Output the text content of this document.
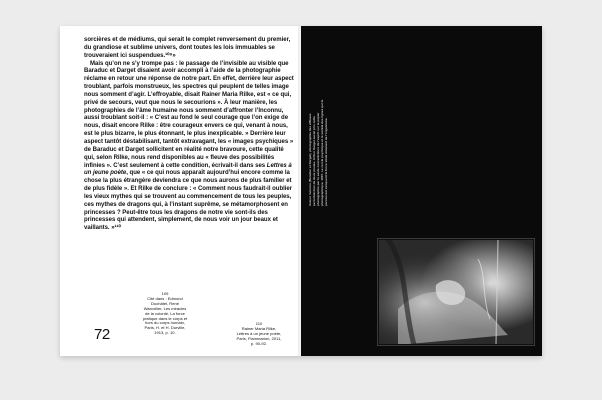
sorcières et de médiums, qui serait le complet renversement du premier, du grandiose et sublime univers, dont toutes les lois immuables se trouveraient ici suspendues.¹⁰⁹»

Mais qu’on ne s’y trompe pas : le passage de l’invisible au visible que Baraduc et Darget disaient avoir accompli à l’aide de la photographie réclame en retour une réponse de notre part. En effet, derrière leur aspect troublant, parfois monstrueux, les spectres qui peuplent de telles image nous somment d’agir. L’effroyable, disait Rainer Maria Rilke, est « ce qui, privé de secours, veut que nous le secourions ». À leur manière, les photographies de l’âme humaine nous somment d’affronter l’Inconnu, aussi troublant soit-il : « C’est au fond le seul courage que l’on exige de nous, disait encore Rilke : être courageux envers ce qui, venant à nous, est le plus bizarre, le plus étonnant, le plus inexplicable. » Derrière leur aspect tantôt déstabilisant, tantôt extravagant, les « images psychiques » de Baraduc et Darget sollicitent en réalité notre bravoure, cette qualité qui, selon Rilke, nous rend disponibles au « fleuve des possibilités infinies ». C’est seulement à cette condition, écrivait-il dans ses Lettres à un jeune poète, que « ce qui nous apparaît aujourd’hui encore comme la chose la plus étrangère deviendra ce que nous aurons de plus familier et de plus fidèle ». Et Rilke de conclure : « Comment nous faudrait-il oublier les vieux mythes qui se trouvent au commencement de tous les peuples, ces mythes de dragons qui, à l’instant suprême, se métamorphosent en princesses ? Peut-être tous les dragons de notre vie sont-ils des princesses qui attendent, simplement, de nous voir un jour beaux et vaillants. »¹¹⁰

109
Cité dans : Edmond Duchâtel, René Warcollier, Les miracles de la volonté, La force pratique dans le corps et hors du corps humain, Paris, H. et H. Durville, 1913, p. 10.
110
Rainer Maria Rilke, Lettres à un jeune poète, Paris, Flammarion, 2011, p. 90-92.
72
Auteur inconnu (Baraduc et Darget), photographie des effluves perturbatrices de deux poules. Arthur Darget aurait pris cette photographie par la seule concentration de l'esprit sur le papier photographique. 1907. Le cercle psychique et la variété des lignes qui la parcourent évoquent la force vitale émanant de l'organisme.
